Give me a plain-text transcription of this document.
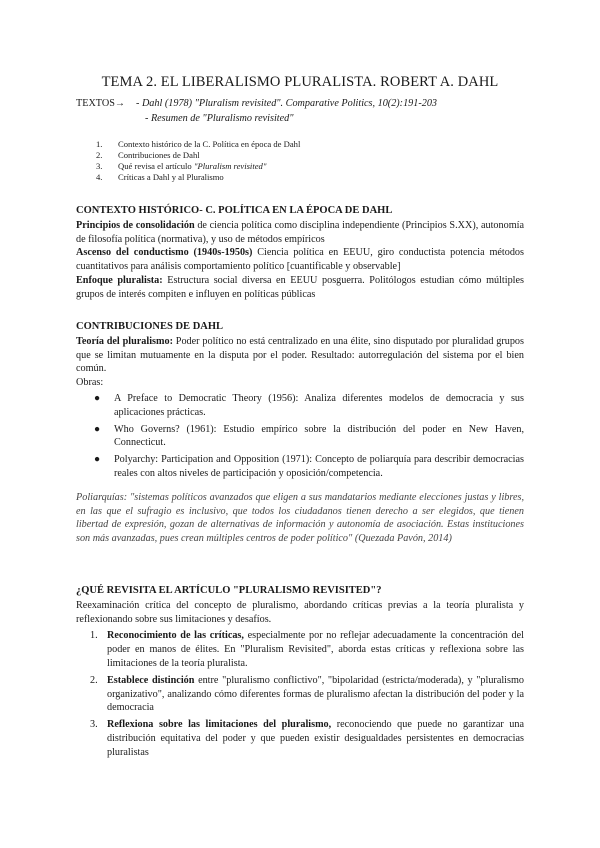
TEMA 2. EL LIBERALISMO PLURALISTA. ROBERT A. DAHL
TEXTOS→ - Dahl (1978) "Pluralism revisited". Comparative Politics, 10(2):191-203
- Resumen de "Pluralismo revisited"
1.	Contexto histórico de la C. Política en época de Dahl
2.	Contribuciones de Dahl
3.	Qué revisa el artículo
"Pluralism revisited"
4.	Críticas a Dahl y al Pluralismo
CONTEXTO HISTÓRICO- C. POLÍTICA EN LA ÉPOCA DE DAHL

Principios de consolidación de ciencia política como disciplina independiente (Principios S.XX), autonomía de filosofía política (normativa), y uso de métodos empíricos

Ascenso del conductismo (1940s-1950s) Ciencia política en EEUU, giro conductista potencia métodos cuantitativos para análisis comportamiento político [cuantificable y observable]

Enfoque pluralista: Estructura social diversa en EEUU posguerra. Politólogos estudian cómo múltiples grupos de interés compiten e influyen en políticas públicas

CONTRIBUCIONES DE DAHL

Teoría del pluralismo: Poder político no está centralizado en una élite, sino disputado por pluralidad grupos que se limitan mutuamente en la disputa por el poder. Resultado: autorregulación del sistema por el bien común.

Obras:

● A Preface to Democratic Theory (1956): Analiza diferentes modelos de democracia y sus aplicaciones prácticas.
● Who Governs? (1961): Estudio empírico sobre la distribución del poder en New Haven, Connecticut.
● Polyarchy: Participation and Opposition (1971): Concepto de poliarquía para describir democracias reales con altos niveles de participación y oposición/competencia.

Poliarquías: "sistemas políticos avanzados que eligen a sus mandatarios mediante elecciones justas y libres, en las que el sufragio es inclusivo, que todos los ciudadanos tienen derecho a ser elegidos, que tienen libertad de expresión, gozan de alternativas de información y autonomía de asociación. Estas instituciones son más avanzadas, pues crean múltiples centros de poder político" (Quezada Pavón, 2014)

¿QUÉ REVISITA EL ARTÍCULO "PLURALISMO REVISITED"?

Reexaminación crítica del concepto de pluralismo, abordando críticas previas a la teoría pluralista y reflexionando sobre sus limitaciones y desafíos.

1. Reconocimiento de las críticas, especialmente por no reflejar adecuadamente la concentración del poder en manos de élites. En "Pluralism Revisited", aborda estas críticas y reflexiona sobre las limitaciones de la teoría pluralista.
2. Establece distinción entre "pluralismo conflictivo", "bipolaridad (estricta/moderada), y "pluralismo organizativo", analizando cómo diferentes formas de pluralismo afectan la distribución del poder y la democracia
3. Reflexiona sobre las limitaciones del pluralismo, reconociendo que puede no garantizar una distribución equitativa del poder y que pueden existir desigualdades persistentes en democracias pluralistas
